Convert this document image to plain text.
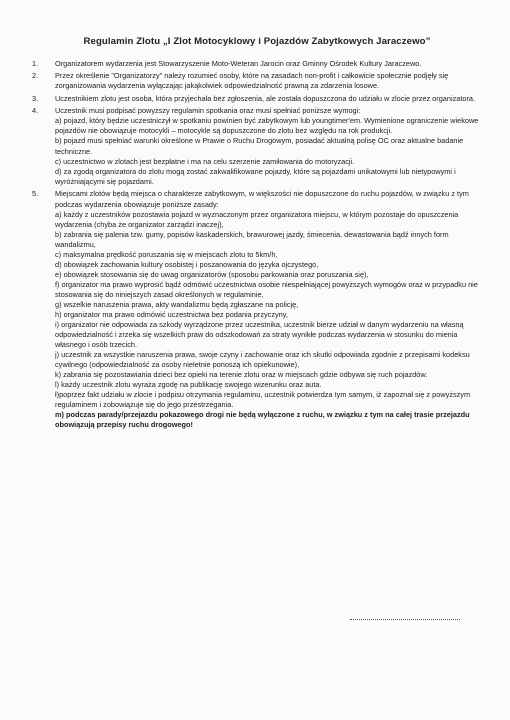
Regulamin Zlotu „I Zlot Motocyklowy i Pojazdów Zabytkowych Jaraczewo”
1. Organizatorem wydarzenia jest Stowarzyszenie Moto-Weteran Jarocin oraz Gminny Ośrodek Kultury Jaraczewo.
2. Przez określenie "Organizatorzy" należy rozumieć osoby, które na zasadach non-profit i całkowicie społecznie podjęły się zorganizowania wydarzenia wyłączając jakąkolwiek odpowiedzialność prawną za zdarzenia losowe.
3. Uczestnikiem zlotu jest osoba, która przyjechała bez zgłoszenia, ale została dopuszczona do udziału w zlocie przez organizatora.
4. Uczestnik musi podpisać powyższy regulamin spotkania oraz musi spełniać poniższe wymogi:
a) pojazd, który będzie uczestniczył w spotkaniu powinien być zabytkowym lub youngtimer'em. Wymienione ograniczenie wiekowe pojazdów nie obowiązuje motocykli – motocykle są dopuszczone do zlotu bez względu na rok produkcji.
b) pojazd musi spełniać warunki określone w Prawie o Ruchu Drogowym, posiadać aktualną polisę OC oraz aktualne badanie techniczne.
c) uczestnictwo w zlotach jest bezpłatne i ma na celu szerzenie zamiłowania do motoryzacji.
d) za zgodą organizatora do zlotu mogą zostać zakwalifikowane pojazdy, które są pojazdami unikatowymi lub nietypowymi i wyróżniającymi się pojazdami.
5. Miejscami zlotów będą miejsca o charakterze zabytkowym, w większości nie dopuszczone do ruchu pojazdów, w związku z tym podczas wydarzenia obowiązuje poniższe zasady:
a) każdy z uczestników pozostawia pojazd w wyznaczonym przez organizatora miejscu, w którym pozostaje do opuszczenia wydarzenia (chyba że organizator zarządzi inaczej),
b) zabrania się palenia tzw. gumy, popisów kaskaderskich, brawurowej jazdy, śmiecenia, dewastowania bądź innych form wandalizmu,
c) maksymalna prędkość poruszania się w miejscach zlotu to 5km/h,
d) obowiązek zachowania kultury osobistej i poszanowania do języka ojczystego,
e) obowiązek stosowania się do uwag organizatorów (sposobu parkowania oraz poruszania się),
f) organizator ma prawo wyprosić bądź odmówić uczestnictwa osobie niespełniającej powyższych wymogów oraz w przypadku nie stosowania się do niniejszych zasad określonych w regulaminie,
g) wszelkie naruszenia prawa, akty wandalizmu będą zgłaszane na policję,
h) organizator ma prawo odmówić uczestnictwa bez podania przyczyny,
i) organizator nie odpowiada za szkody wyrządzone przez uczestnika, uczestnik bierze udział w danym wydarzeniu na własną odpowiedzialność i zrzeka się wszelkich praw do odszkodowań za straty wynikłe podczas wydarzenia w stosunku do mienia własnego i osób trzecich.
j) uczestnik za wszystkie naruszenia prawa, swoje czyny i zachowanie oraz ich skutki odpowiada zgodnie z przepisami kodeksu cywilnego (odpowiedzialność za osoby nieletnie ponoszą ich opiekunowie),
k) zabrania się pozostawiania dzieci bez opieki na terenie zlotu oraz w miejscach gdzie odbywa się ruch pojazdów.
l) każdy uczestnik zlotu wyraża zgodę na publikację swojego wizerunku oraz auta.
ł)poprzez fakt udziału w zlocie i podpisu otrzymania regulaminu, uczestnik potwierdza tym samym, iż zapoznał się z powyższym regulaminem i zobowiązuje się do jego przestrzegania.
m) podczas parady/przejazdu pokazowego drogi nie będą wyłączone z ruchu, w związku z tym na całej trasie przejazdu obowiązują przepisy ruchu drogowego!
